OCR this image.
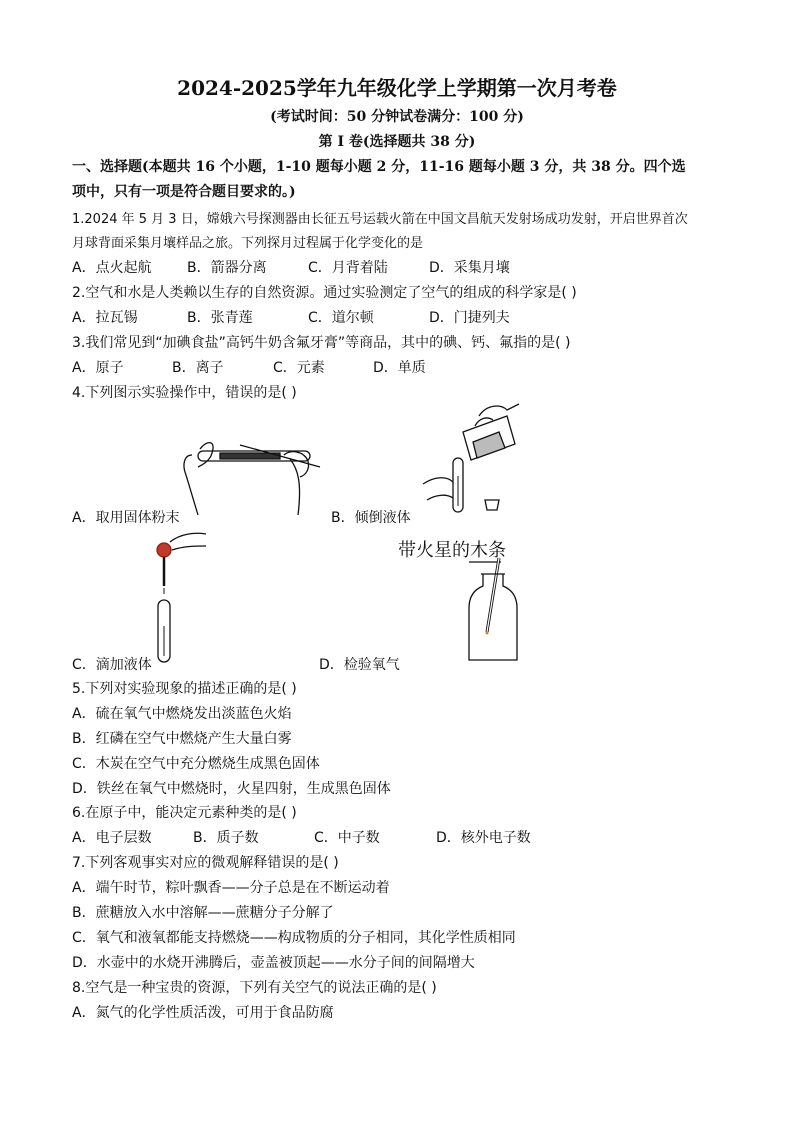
2024-2025学年九年级化学上学期第一次月考卷
(考试时间：50 分钟试卷满分：100 分)
第 I 卷(选择题共 38 分)
一、选择题(本题共 16 个小题，1-10 题每小题 2 分，11-16 题每小题 3 分，共 38 分。四个选
项中，只有一项是符合题目要求的。)
1.2024 年 5 月 3 日，嫦娥六号探测器由长征五号运载火箭在中国文昌航天发射场成功发射，开启世界首次
月球背面采集月壤样品之旅。下列探月过程属于化学变化的是
A．点火起航	B．箭器分离	C．月背着陆	D．采集月壤
2.空气和水是人类赖以生存的自然资源。通过实验测定了空气的组成的科学家是( )
A．拉瓦锡	B．张青莲	C．道尔顿	D．门捷列夫
3.我们常见到“加碘食盐”高钙牛奶含氟牙膏”等商品，其中的碘、钙、氟指的是( )
A．原子	B．离子	C．元素	D．单质
4.下列图示实验操作中，错误的是( )
A．取用固体粉末	B．倾倒液体
带火星的木条
C．滴加液体	D．检验氧气
5.下列对实验现象的描述正确的是( )
A．硫在氧气中燃烧发出淡蓝色火焰
B．红磷在空气中燃烧产生大量白雾
C．木炭在空气中充分燃烧生成黑色固体
D．铁丝在氧气中燃烧时，火星四射，生成黑色固体
6.在原子中，能决定元素种类的是( )
A．电子层数	B．质子数	C．中子数	D．核外电子数
7.下列客观事实对应的微观解释错误的是( )
A．端午时节，粽叶飘香——分子总是在不断运动着
B．蔗糖放入水中溶解——蔗糖分子分解了
C．氧气和液氧都能支持燃烧——构成物质的分子相同，其化学性质相同
D．水壶中的水烧开沸腾后，壶盖被顶起——水分子间的间隔增大
8.空气是一种宝贵的资源，下列有关空气的说法正确的是( )
A．氮气的化学性质活泼，可用于食品防腐
